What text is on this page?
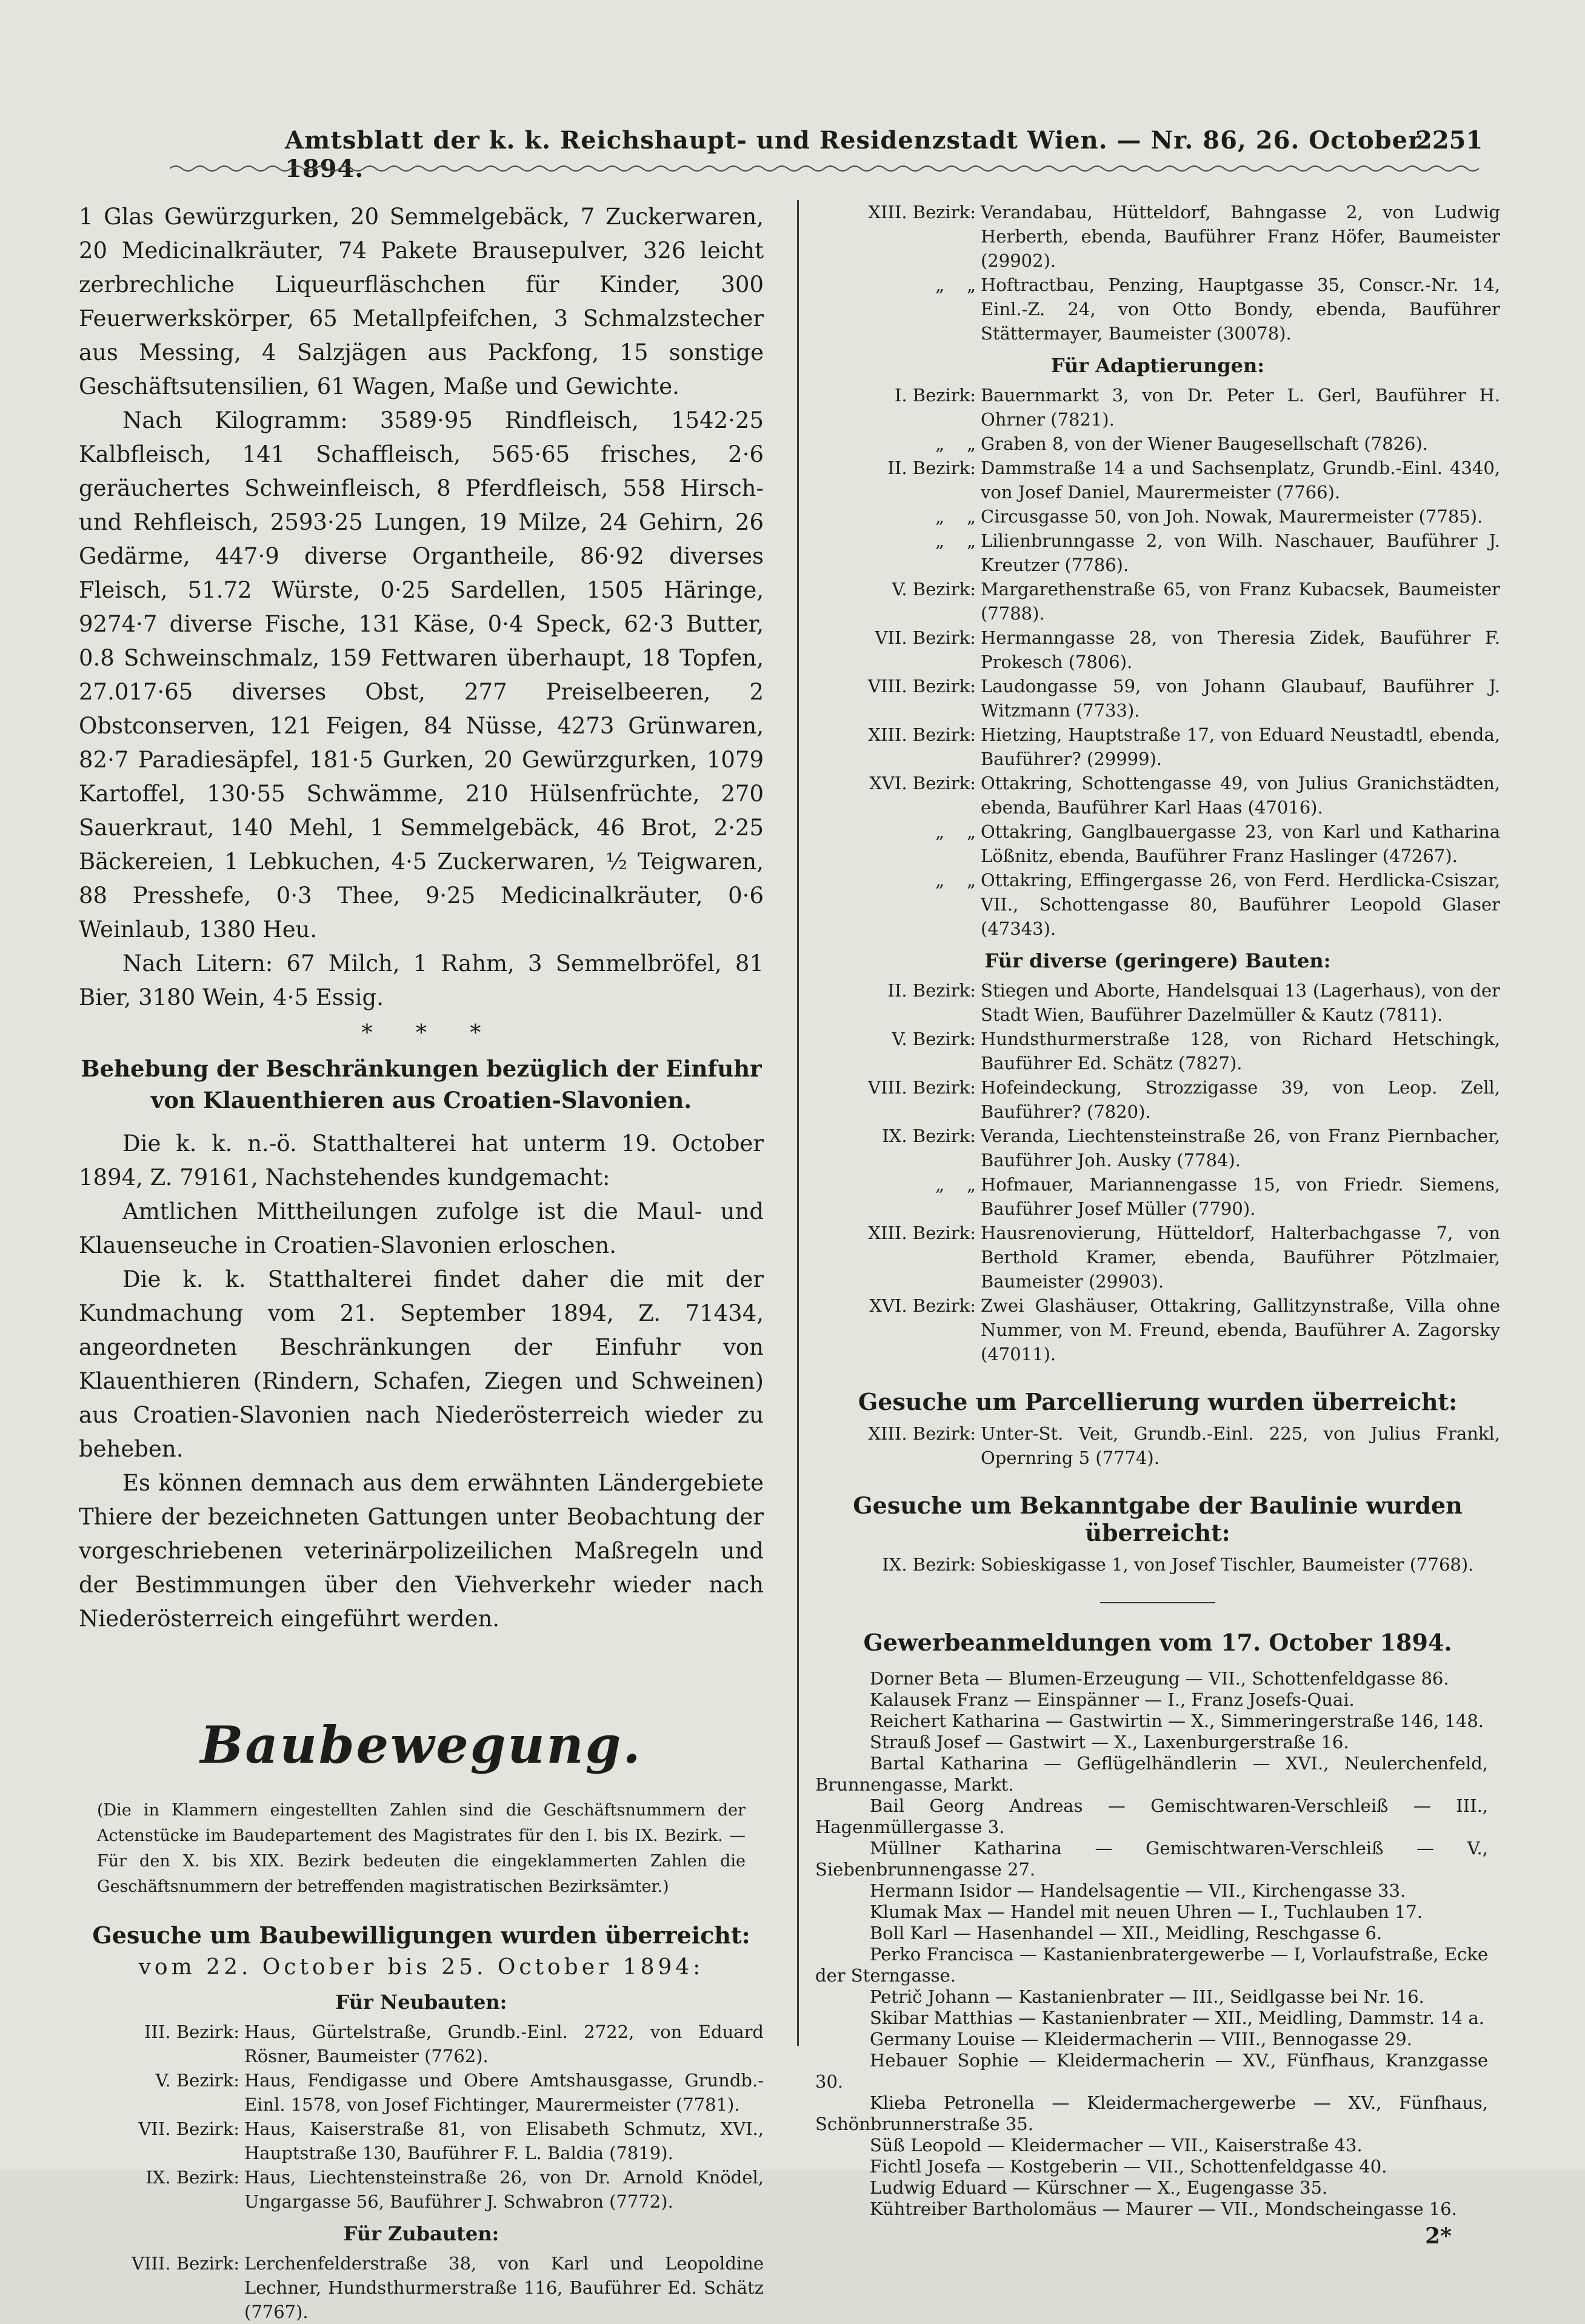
Amtsblatt der k. k. Reichshaupt- und Residenzstadt Wien. — Nr. 86, 26. October 1894.
2251

1 Glas Gewürzgurken, 20 Semmelgebäck, 7 Zuckerwaren, 20 Medicinalkräuter, 74 Pakete Brausepulver, 326 leicht zerbrechliche Liqueurfläschchen für Kinder, 300 Feuerwerkskörper, 65 Metallpfeifchen, 3 Schmalzstecher aus Messing, 4 Salzjägen aus Packfong, 15 sonstige Geschäftsutensilien, 61 Wagen, Maße und Gewichte.

Nach Kilogramm: 3589·95 Rindfleisch, 1542·25 Kalbfleisch, 141 Schaffleisch, 565·65 frisches, 2·6 geräuchertes Schweinfleisch, 8 Pferdfleisch, 558 Hirsch- und Rehfleisch, 2593·25 Lungen, 19 Milze, 24 Gehirn, 26 Gedärme, 447·9 diverse Organtheile, 86·92 diverses Fleisch, 51.72 Würste, 0·25 Sardellen, 1505 Häringe, 9274·7 diverse Fische, 131 Käse, 0·4 Speck, 62·3 Butter, 0.8 Schweinschmalz, 159 Fettwaren überhaupt, 18 Topfen, 27.017·65 diverses Obst, 277 Preiselbeeren, 2 Obstconserven, 121 Feigen, 84 Nüsse, 4273 Grünwaren, 82·7 Paradiesäpfel, 181·5 Gurken, 20 Gewürzgurken, 1079 Kartoffel, 130·55 Schwämme, 210 Hülsenfrüchte, 270 Sauerkraut, 140 Mehl, 1 Semmelgebäck, 46 Brot, 2·25 Bäckereien, 1 Lebkuchen, 4·5 Zuckerwaren, ½ Teigwaren, 88 Presshefe, 0·3 Thee, 9·25 Medicinalkräuter, 0·6 Weinlaub, 1380 Heu.

Nach Litern: 67 Milch, 1 Rahm, 3 Semmelbröfel, 81 Bier, 3180 Wein, 4·5 Essig.

* * *
Behebung der Beschränkungen bezüglich der Einfuhr von Klauenthieren aus Croatien-Slavonien.

Die k. k. n.-ö. Statthalterei hat unterm 19. October 1894, Z. 79161, Nachstehendes kundgemacht:

Amtlichen Mittheilungen zufolge ist die Maul- und Klauenseuche in Croatien-Slavonien erloschen.

Die k. k. Statthalterei findet daher die mit der Kundmachung vom 21. September 1894, Z. 71434, angeordneten Beschränkungen der Einfuhr von Klauenthieren (Rindern, Schafen, Ziegen und Schweinen) aus Croatien-Slavonien nach Niederösterreich wieder zu beheben.

Es können demnach aus dem erwähnten Ländergebiete Thiere der bezeichneten Gattungen unter Beobachtung der vorgeschriebenen veterinärpolizeilichen Maßregeln und der Bestimmungen über den Viehverkehr wieder nach Niederösterreich eingeführt werden.

Baubewegung.
(Die in Klammern eingestellten Zahlen sind die Geschäftsnummern der Actenstücke im Baudepartement des Magistrates für den I. bis IX. Bezirk. — Für den X. bis XIX. Bezirk bedeuten die eingeklammerten Zahlen die Geschäftsnummern der betreffenden magistratischen Bezirksämter.)
Gesuche um Baubewilligungen wurden überreicht:
vom 22. October bis 25. October 1894:
Für Neubauten:
III. Bezirk: Haus, Gürtelstraße, Grundb.-Einl. 2722, von Eduard Rösner, Baumeister (7762).
V. Bezirk: Haus, Fendigasse und Obere Amtshausgasse, Grundb.-Einl. 1578, von Josef Fichtinger, Maurermeister (7781).
VII. Bezirk: Haus, Kaiserstraße 81, von Elisabeth Schmutz, XVI., Hauptstraße 130, Bauführer F. L. Baldia (7819).
IX. Bezirk: Haus, Liechtensteinstraße 26, von Dr. Arnold Knödel, Ungargasse 56, Bauführer J. Schwabron (7772).
Für Zubauten:
VIII. Bezirk: Lerchenfelderstraße 38, von Karl und Leopoldine Lechner, Hundsthurmerstraße 116, Bauführer Ed. Schätz (7767).
XIII. Bezirk: Verandabau, Hütteldorf, Bahngasse 2, von Ludwig Herberth, ebenda, Bauführer Franz Höfer, Baumeister (29902).
„    „ Hoftractbau, Penzing, Hauptgasse 35, Conscr.-Nr. 14, Einl.-Z. 24, von Otto Bondy, ebenda, Bauführer Stättermayer, Baumeister (30078).
Für Adaptierungen:
I. Bezirk: Bauernmarkt 3, von Dr. Peter L. Gerl, Bauführer H. Ohrner (7821).
„    „ Graben 8, von der Wiener Baugesellschaft (7826).
II. Bezirk: Dammstraße 14 a und Sachsenplatz, Grundb.-Einl. 4340, von Josef Daniel, Maurermeister (7766).
„    „ Circusgasse 50, von Joh. Nowak, Maurermeister (7785).
„    „ Lilienbrunngasse 2, von Wilh. Naschauer, Bauführer J. Kreutzer (7786).
V. Bezirk: Margarethenstraße 65, von Franz Kubacsek, Baumeister (7788).
VII. Bezirk: Hermanngasse 28, von Theresia Zidek, Bauführer F. Prokesch (7806).
VIII. Bezirk: Laudongasse 59, von Johann Glaubauf, Bauführer J. Witzmann (7733).
XIII. Bezirk: Hietzing, Hauptstraße 17, von Eduard Neustadtl, ebenda, Bauführer? (29999).
XVI. Bezirk: Ottakring, Schottengasse 49, von Julius Granichstädten, ebenda, Bauführer Karl Haas (47016).
„    „ Ottakring, Ganglbauergasse 23, von Karl und Katharina Lößnitz, ebenda, Bauführer Franz Haslinger (47267).
„    „ Ottakring, Effingergasse 26, von Ferd. Herdlicka-Csiszar, VII., Schottengasse 80, Bauführer Leopold Glaser (47343).
Für diverse (geringere) Bauten:
II. Bezirk: Stiegen und Aborte, Handelsquai 13 (Lagerhaus), von der Stadt Wien, Bauführer Dazelmüller & Kautz (7811).
V. Bezirk: Hundsthurmerstraße 128, von Richard Hetschingk, Bauführer Ed. Schätz (7827).
VIII. Bezirk: Hofeindeckung, Strozzigasse 39, von Leop. Zell, Bauführer? (7820).
IX. Bezirk: Veranda, Liechtensteinstraße 26, von Franz Piernbacher, Bauführer Joh. Ausky (7784).
„    „ Hofmauer, Mariannengasse 15, von Friedr. Siemens, Bauführer Josef Müller (7790).
XIII. Bezirk: Hausrenovierung, Hütteldorf, Halterbachgasse 7, von Berthold Kramer, ebenda, Bauführer Pötzlmaier, Baumeister (29903).
XVI. Bezirk: Zwei Glashäuser, Ottakring, Gallitzynstraße, Villa ohne Nummer, von M. Freund, ebenda, Bauführer A. Zagorsky (47011).
Gesuche um Parcellierung wurden überreicht:
XIII. Bezirk: Unter-St. Veit, Grundb.-Einl. 225, von Julius Frankl, Opernring 5 (7774).
Gesuche um Bekanntgabe der Baulinie wurden überreicht:
IX. Bezirk: Sobieskigasse 1, von Josef Tischler, Baumeister (7768).
Gewerbeanmeldungen vom 17. October 1894.

Dorner Beta — Blumen-Erzeugung — VII., Schottenfeldgasse 86.

Kalausek Franz — Einspänner — I., Franz Josefs-Quai.

Reichert Katharina — Gastwirtin — X., Simmeringerstraße 146, 148.

Strauß Josef — Gastwirt — X., Laxenburgerstraße 16.

Bartal Katharina — Geflügelhändlerin — XVI., Neulerchenfeld, Brunnengasse, Markt.

Bail Georg Andreas — Gemischtwaren-Verschleiß — III., Hagenmüllergasse 3.

Müllner Katharina — Gemischtwaren-Verschleiß — V., Siebenbrunnengasse 27.

Hermann Isidor — Handelsagentie — VII., Kirchengasse 33.

Klumak Max — Handel mit neuen Uhren — I., Tuchlauben 17.

Boll Karl — Hasenhandel — XII., Meidling, Reschgasse 6.

Perko Francisca — Kastanienbratergewerbe — I, Vorlaufstraße, Ecke der Sterngasse.

Petrič Johann — Kastanienbrater — III., Seidlgasse bei Nr. 16.

Skibar Matthias — Kastanienbrater — XII., Meidling, Dammstr. 14 a.

Germany Louise — Kleidermacherin — VIII., Bennogasse 29.

Hebauer Sophie — Kleidermacherin — XV., Fünfhaus, Kranzgasse 30.

Klieba Petronella — Kleidermachergewerbe — XV., Fünfhaus, Schönbrunnerstraße 35.

Süß Leopold — Kleidermacher — VII., Kaiserstraße 43.

Fichtl Josefa — Kostgeberin — VII., Schottenfeldgasse 40.

Ludwig Eduard — Kürschner — X., Eugengasse 35.

Kühtreiber Bartholomäus — Maurer — VII., Mondscheingasse 16.

2*
